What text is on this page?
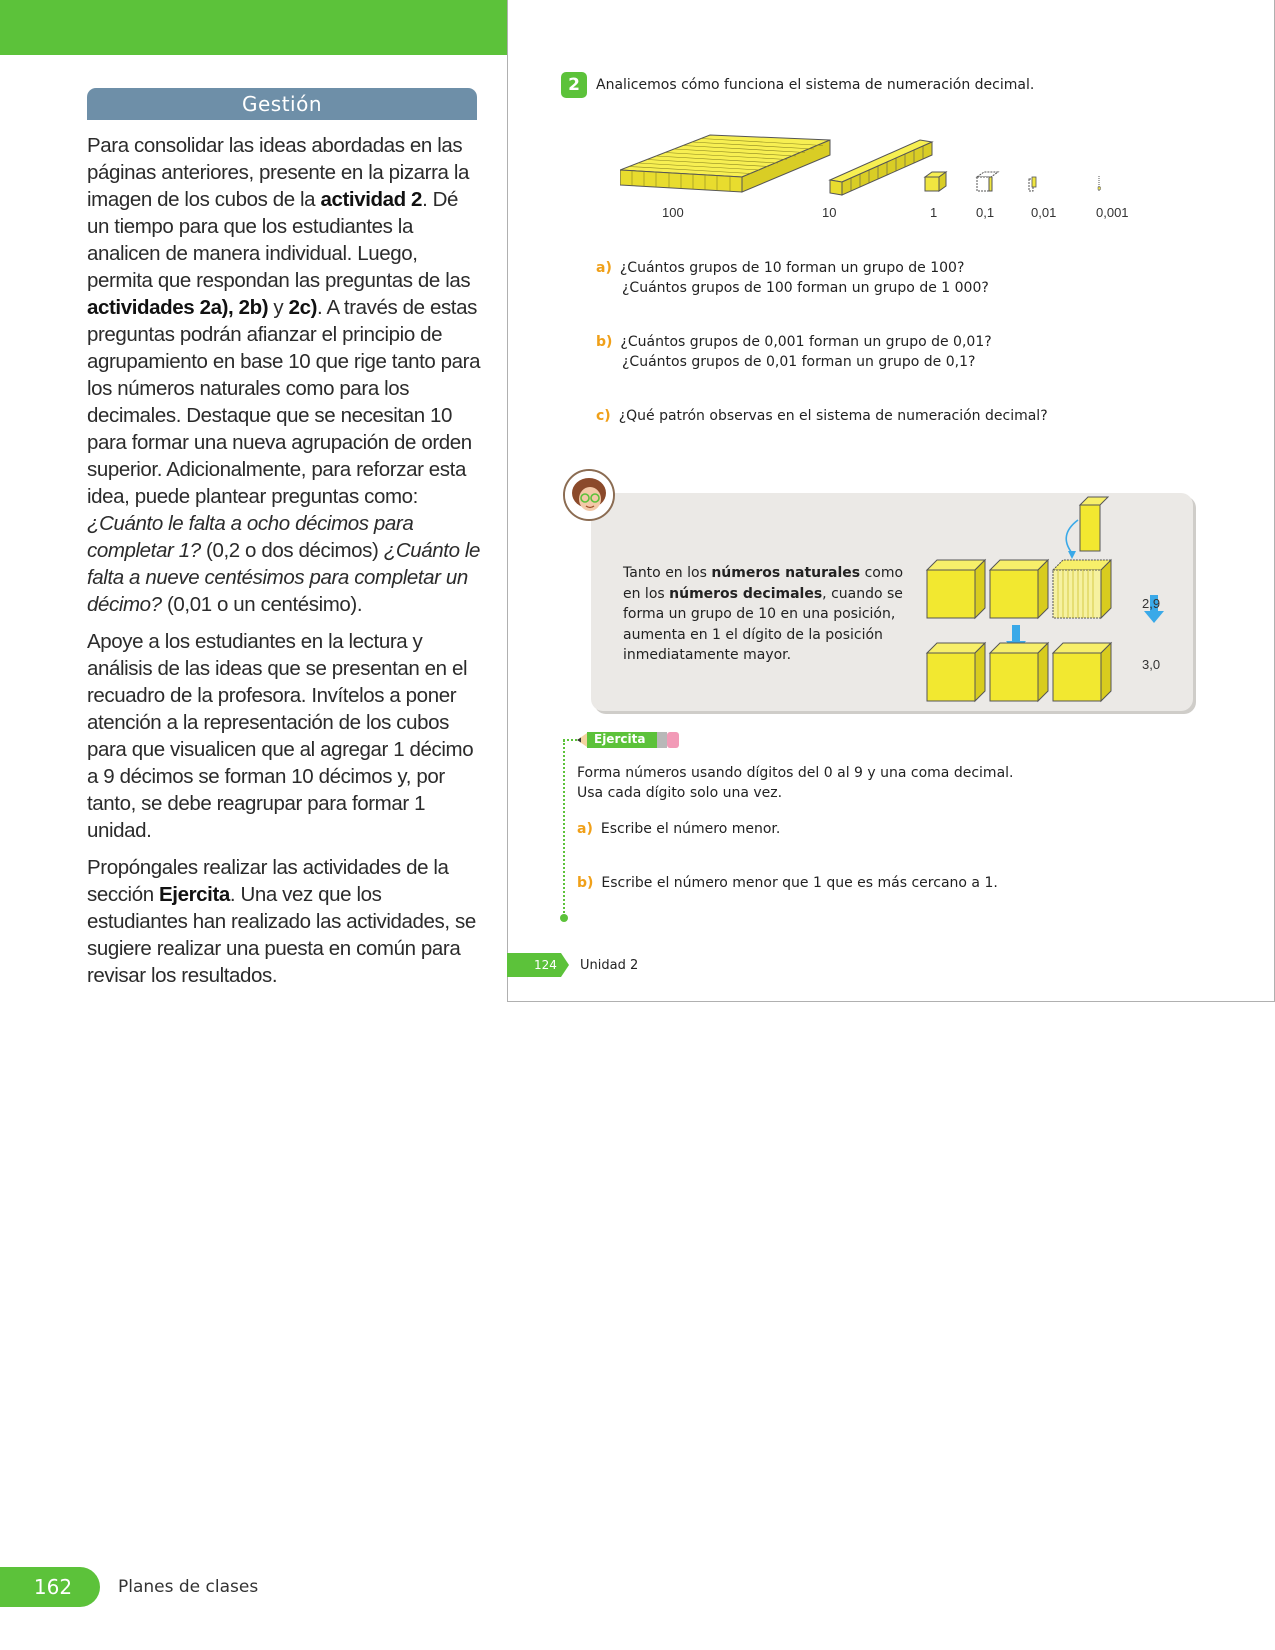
Gestión

Para consolidar las ideas abordadas en las páginas anteriores, presente en la pizarra la imagen de los cubos de la actividad 2. Dé un tiempo para que los estudiantes la analicen de manera individual. Luego, permita que respondan las preguntas de las actividades 2a), 2b) y 2c). A través de estas preguntas podrán afianzar el principio de agrupamiento en base 10 que rige tanto para los números naturales como para los decimales. Destaque que se necesitan 10 para formar una nueva agrupación de orden superior. Adicionalmente, para reforzar esta idea, puede plantear preguntas como: ¿Cuánto le falta a ocho décimos para completar 1? (0,2 o dos décimos) ¿Cuánto le falta a nueve centésimos para completar un décimo? (0,01 o un centésimo).

Apoye a los estudiantes en la lectura y análisis de las ideas que se presentan en el recuadro de la profesora. Invítelos a poner atención a la representación de los cubos para que visualicen que al agregar 1 décimo a 9 décimos se forman 10 décimos y, por tanto, se debe reagrupar para formar 1 unidad.

Propóngales realizar las actividades de la sección Ejercita. Una vez que los estudiantes han realizado las actividades, se sugiere realizar una puesta en común para revisar los resultados.

2	Analicemos cómo funciona el sistema de numeración decimal.
100	10	1	0,1	0,01	0,001
a) ¿Cuántos grupos de 10 forman un grupo de 100?
¿Cuántos grupos de 100 forman un grupo de 1 000?
b) ¿Cuántos grupos de 0,001 forman un grupo de 0,01?
¿Cuántos grupos de 0,01 forman un grupo de 0,1?
c) ¿Qué patrón observas en el sistema de numeración decimal?
Tanto en los números naturales como en los números decimales, cuando se forma un grupo de 10 en una posición, aumenta en 1 el dígito de la posición inmediatamente mayor.
2,9
3,0
Ejercita
Forma números usando dígitos del 0 al 9 y una coma decimal.
Usa cada dígito solo una vez.
a) Escribe el número menor.
b) Escribe el número menor que 1 que es más cercano a 1.
124 Unidad 2
162	Planes de clases
